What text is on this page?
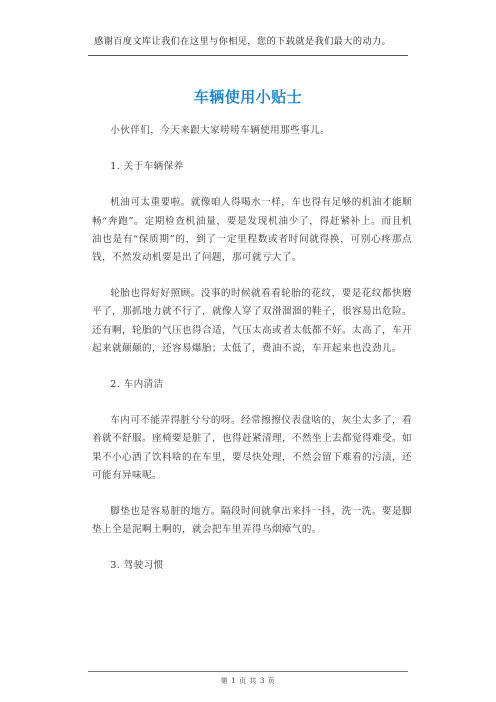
感谢百度文库让我们在这里与你相见，您的下载就是我们最大的动力。
车辆使用小贴士

小伙伴们，今天来跟大家唠唠车辆使用那些事儿。

1. 关于车辆保养

机油可太重要啦。就像咱人得喝水一样，车也得有足够的机油才能顺畅“奔跑”。定期检查机油量，要是发现机油少了，得赶紧补上。而且机油也是有“保质期”的，到了一定里程数或者时间就得换，可别心疼那点钱，不然发动机要是出了问题，那可就亏大了。

轮胎也得好好照顾。没事的时候就看看轮胎的花纹，要是花纹都快磨平了，那抓地力就不行了，就像人穿了双滑溜溜的鞋子，很容易出危险。还有啊，轮胎的气压也得合适，气压太高或者太低都不好。太高了，车开起来就颠颠的，还容易爆胎；太低了，费油不说，车开起来也没劲儿。

2. 车内清洁

车内可不能弄得脏兮兮的呀。经常擦擦仪表盘啥的，灰尘太多了，看着就不舒服。座椅要是脏了，也得赶紧清理，不然坐上去都觉得难受。如果不小心洒了饮料啥的在车里，要尽快处理，不然会留下难看的污渍，还可能有异味呢。

脚垫也是容易脏的地方。隔段时间就拿出来抖一抖，洗一洗。要是脚垫上全是泥啊土啊的，就会把车里弄得乌烟瘴气的。

3. 驾驶习惯

第 1 页 共 3 页
